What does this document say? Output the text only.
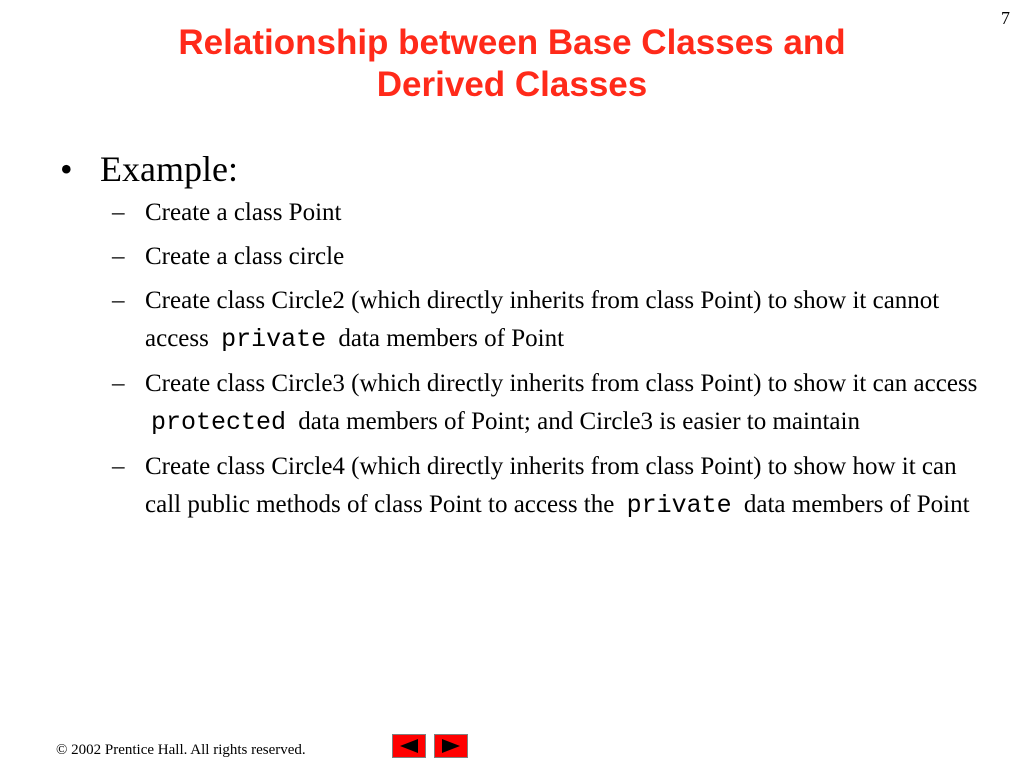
7
Relationship between Base Classes and
Derived Classes
• Example:
– Create a class Point
– Create a class circle
– Create class Circle2 (which directly inherits from class Point) to show it cannot access private data members of Point
– Create class Circle3 (which directly inherits from class Point) to show it can access protected data members of Point; and Circle3 is easier to maintain
– Create class Circle4 (which directly inherits from class Point) to show how it can call public methods of class Point to access the private data members of Point
© 2002 Prentice Hall. All rights reserved.
